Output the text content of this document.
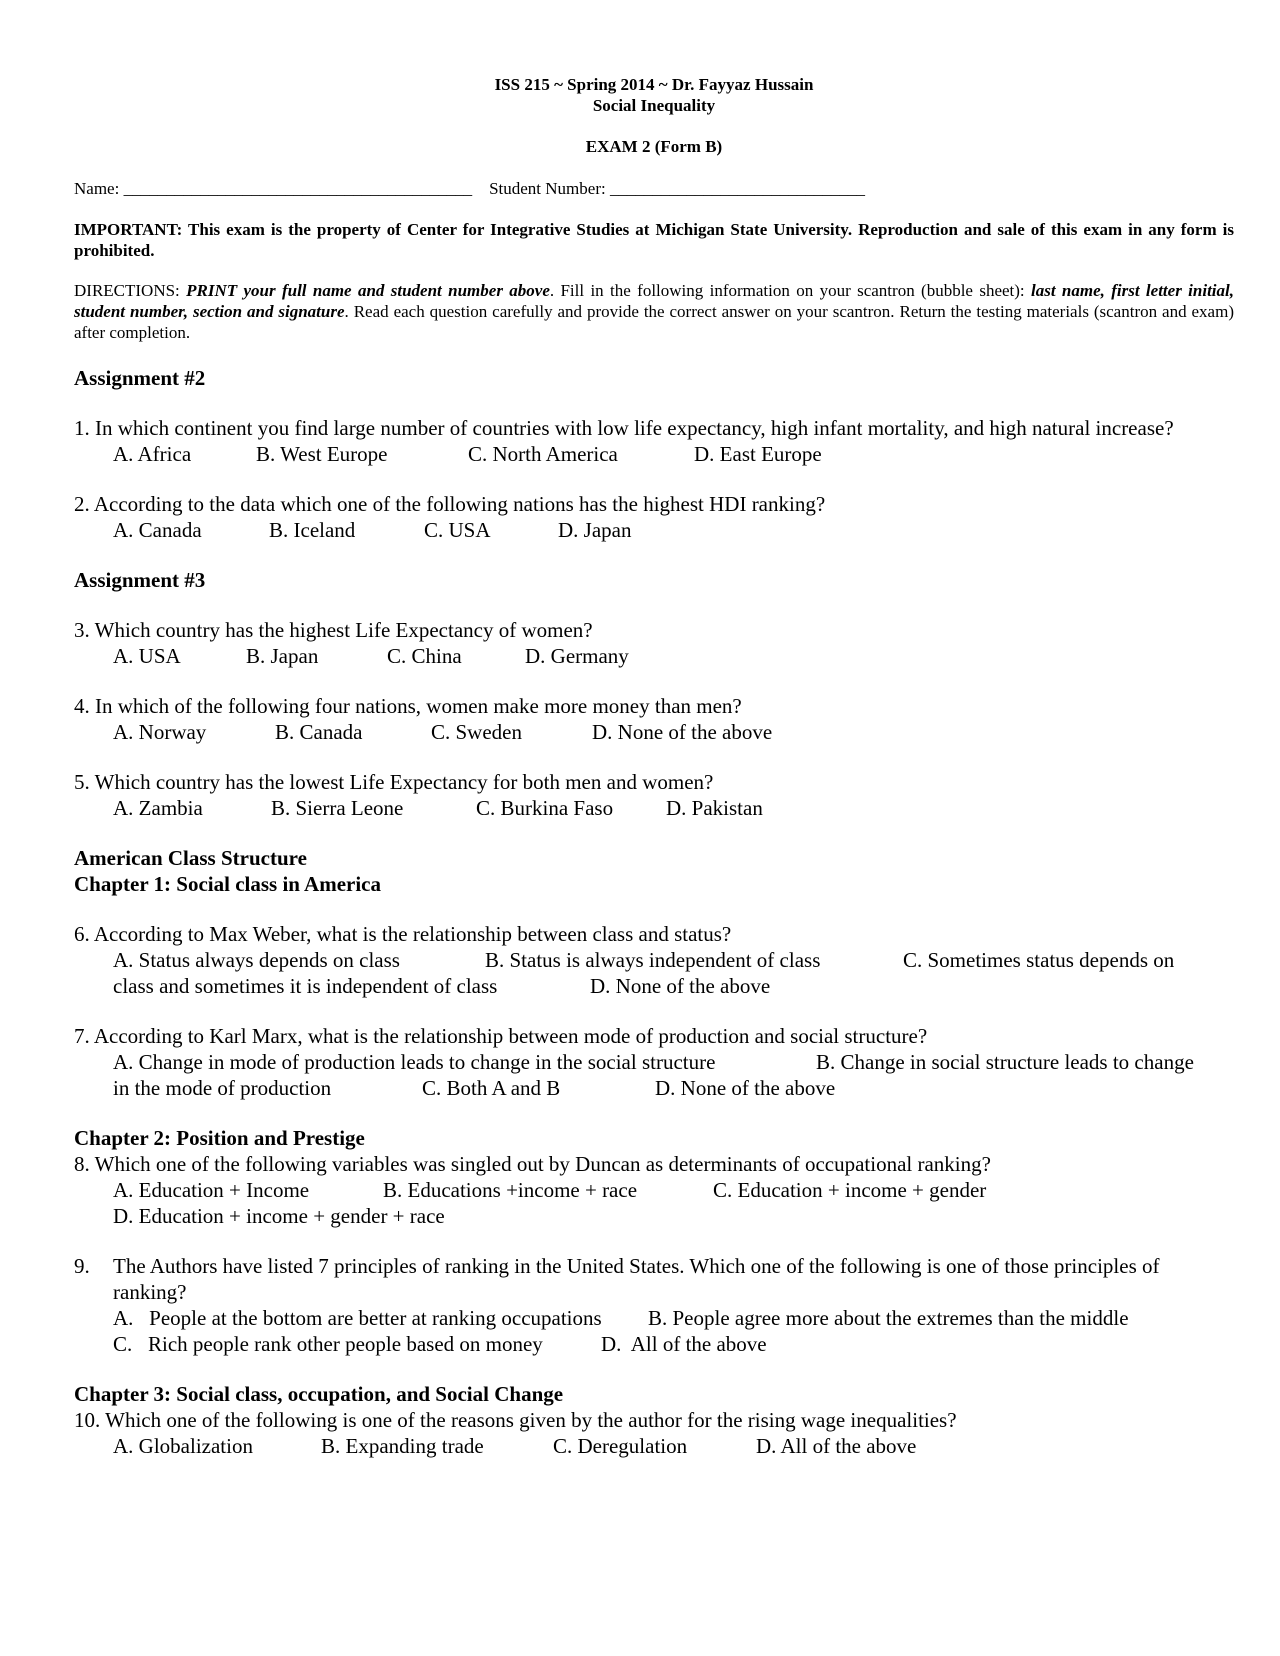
ISS 215 ~ Spring 2014 ~ Dr. Fayyaz Hussain
Social Inequality
EXAM 2 (Form B)
Name: _________________________________________ Student Number: ______________________________
IMPORTANT: This exam is the property of Center for Integrative Studies at Michigan State University. Reproduction and sale of this exam in any form is prohibited.
DIRECTIONS: PRINT your full name and student number above. Fill in the following information on your scantron (bubble sheet): last name, first letter initial, student number, section and signature. Read each question carefully and provide the correct answer on your scantron. Return the testing materials (scantron and exam) after completion.
Assignment #2
1. In which continent you find large number of countries with low life expectancy, high infant mortality, and high natural increase?
A. Africa	B. West Europe	C. North America	D. East Europe
2. According to the data which one of the following nations has the highest HDI ranking?
A. Canada	B. Iceland	C. USA	D. Japan
Assignment #3
3. Which country has the highest Life Expectancy of women?
A. USA	B. Japan	C. China	D. Germany
4. In which of the following four nations, women make more money than men?
A. Norway	B. Canada	C. Sweden	D. None of the above
5. Which country has the lowest Life Expectancy for both men and women?
A. Zambia	B. Sierra Leone	C. Burkina Faso	D. Pakistan
American Class Structure
Chapter 1: Social class in America
6. According to Max Weber, what is the relationship between class and status?
A. Status always depends on class	B. Status is always independent of class	C. Sometimes status depends on
class and sometimes it is independent of class	D. None of the above
7. According to Karl Marx, what is the relationship between mode of production and social structure?
A. Change in mode of production leads to change in the social structure	B. Change in social structure leads to change
in the mode of production	C. Both A and B	D. None of the above
Chapter 2: Position and Prestige
8. Which one of the following variables was singled out by Duncan as determinants of occupational ranking?
A. Education + Income	B. Educations +income + race	C. Education + income + gender
D. Education + income + gender + race
9.	The Authors have listed 7 principles of ranking in the United States. Which one of the following is one of those principles of ranking?
A.   People at the bottom are better at ranking occupations B. People agree more about the extremes than the middle
C.   Rich people rank other people based on money	D.  All of the above
Chapter 3: Social class, occupation, and Social Change
10. Which one of the following is one of the reasons given by the author for the rising wage inequalities?
A. Globalization	B. Expanding trade	C. Deregulation	D. All of the above
